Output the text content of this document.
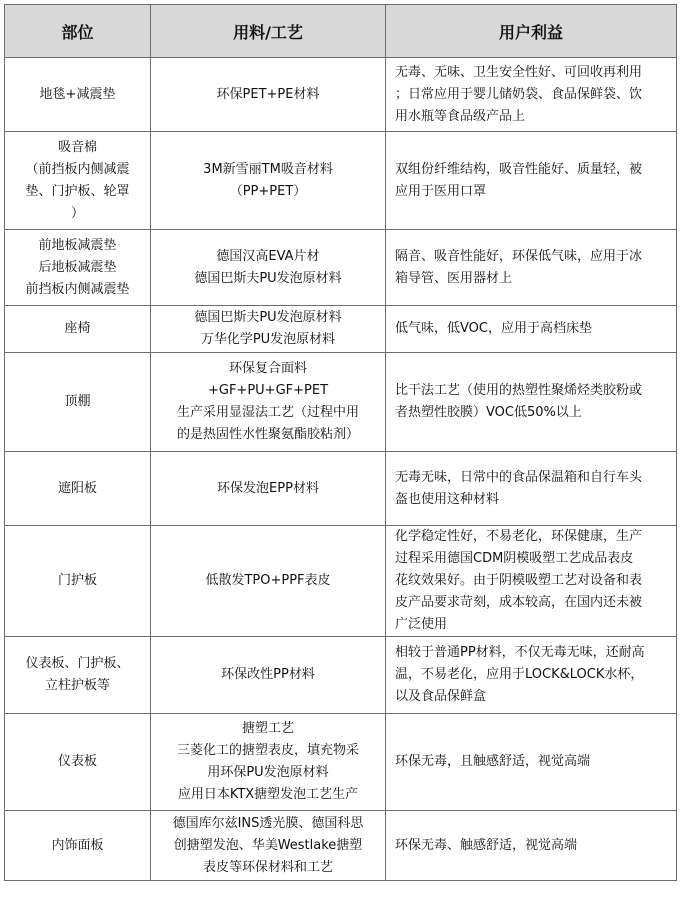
部位	用料/工艺	用户利益

地毯+减震垫	环保PET+PE材料	无毒、无味、卫生安全性好、可回收再利用
；日常应用于婴儿储奶袋、食品保鲜袋、饮
用水瓶等食品级产品上

吸音棉
（前挡板内侧减震
垫、门护板、轮罩
）	3M新雪丽TM吸音材料
（PP+PET）	双组份纤维结构，吸音性能好、质量轻，被
应用于医用口罩

前地板减震垫
后地板减震垫
前挡板内侧减震垫	德国汉高EVA片材
德国巴斯夫PU发泡原材料	隔音、吸音性能好，环保低气味，应用于冰
箱导管、医用器材上

座椅	德国巴斯夫PU发泡原材料
万华化学PU发泡原材料	低气味，低VOC，应用于高档床垫

顶棚	环保复合面料
+GF+PU+GF+PET
生产采用显湿法工艺（过程中用
的是热固性水性聚氨酯胶粘剂）	比干法工艺（使用的热塑性聚烯烃类胶粉或
者热塑性胶膜）VOC低50%以上

遮阳板	环保发泡EPP材料	无毒无味，日常中的食品保温箱和自行车头
盔也使用这种材料

门护板	低散发TPO+PPF表皮	化学稳定性好，不易老化，环保健康，生产
过程采用德国CDM阴模吸塑工艺成品表皮
花纹效果好。由于阴模吸塑工艺对设备和表
皮产品要求苛刻，成本较高，在国内还未被
广泛使用

仪表板、门护板、
立柱护板等	环保改性PP材料	相较于普通PP材料，不仅无毒无味，还耐高
温，不易老化，应用于LOCK&LOCK水杯，
以及食品保鲜盒

仪表板	搪塑工艺
三菱化工的搪塑表皮，填充物采
用环保PU发泡原材料
应用日本KTX搪塑发泡工艺生产	环保无毒，且触感舒适，视觉高端

内饰面板	德国库尔兹INS透光膜、德国科思
创搪塑发泡、华美Westlake搪塑
表皮等环保材料和工艺	环保无毒、触感舒适，视觉高端
